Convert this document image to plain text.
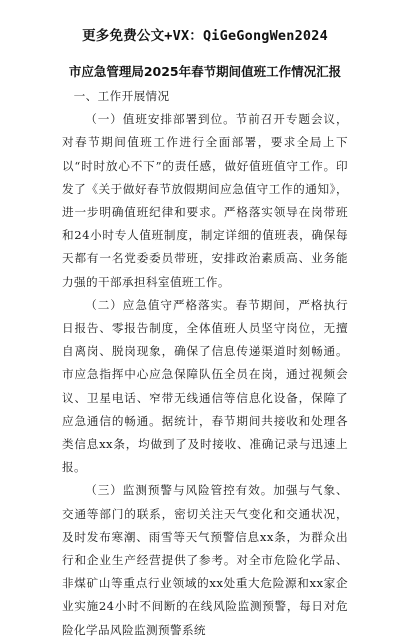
更多免费公文+VX：QiGeGongWen2024
市应急管理局2025年春节期间值班工作情况汇报

一、工作开展情况

（一）值班安排部署到位。节前召开专题会议，对春节期间值班工作进行全面部署，要求全局上下以“时时放心不下”的责任感，做好值班值守工作。印发了《关于做好春节放假期间应急值守工作的通知》，进一步明确值班纪律和要求。严格落实领导在岗带班和24小时专人值班制度，制定详细的值班表，确保每天都有一名党委委员带班，安排政治素质高、业务能力强的干部承担科室值班工作。

（二）应急值守严格落实。春节期间，严格执行日报告、零报告制度，全体值班人员坚守岗位，无擅自离岗、脱岗现象，确保了信息传递渠道时刻畅通。市应急指挥中心应急保障队伍全员在岗，通过视频会议、卫星电话、窄带无线通信等信息化设备，保障了应急通信的畅通。据统计，春节期间共接收和处理各类信息xx条，均做到了及时接收、准确记录与迅速上报。

（三）监测预警与风险管控有效。加强与气象、交通等部门的联系，密切关注天气变化和交通状况，及时发布寒潮、雨雪等天气预警信息xx条，为群众出行和企业生产经营提供了参考。对全市危险化学品、非煤矿山等重点行业领域的xx处重大危险源和xx家企业实施24小时不间断的在线风险监测预警，每日对危险化学品风险监测预警系统
